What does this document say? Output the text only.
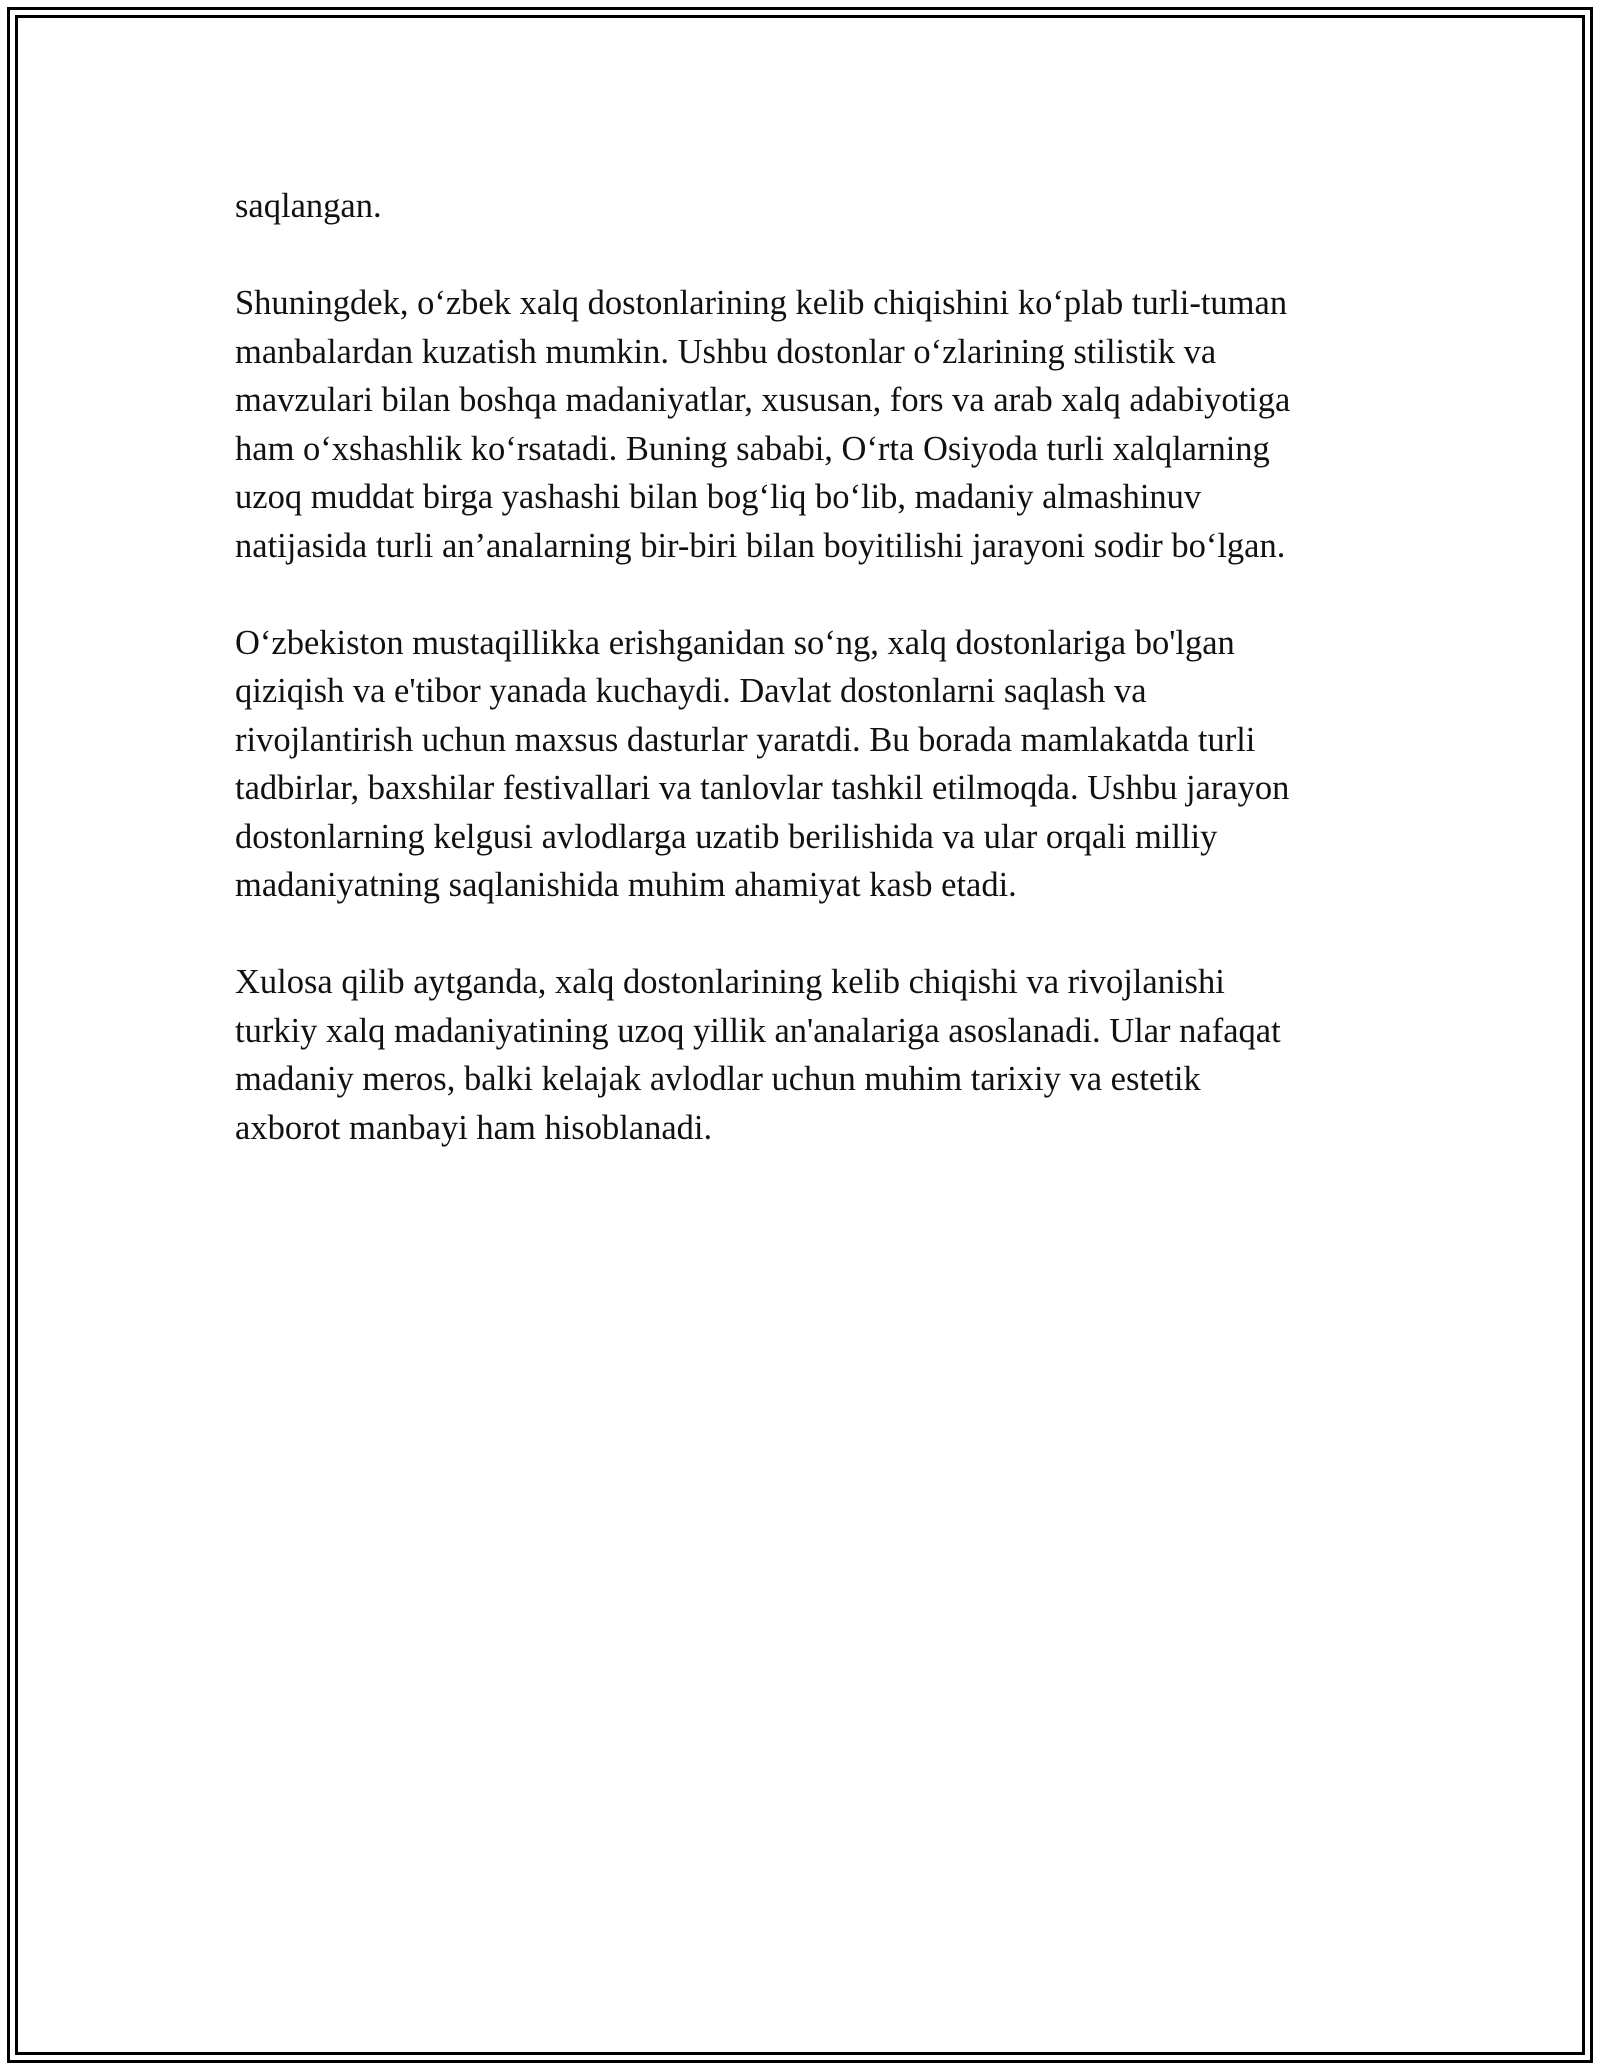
saqlangan.

Shuningdek, o‘zbek xalq dostonlarining kelib chiqishini ko‘plab turli-tuman
manbalardan kuzatish mumkin. Ushbu dostonlar o‘zlarining stilistik va
mavzulari bilan boshqa madaniyatlar, xususan, fors va arab xalq adabiyotiga
ham o‘xshashlik ko‘rsatadi. Buning sababi, O‘rta Osiyoda turli xalqlarning
uzoq muddat birga yashashi bilan bog‘liq bo‘lib, madaniy almashinuv
natijasida turli an’analarning bir-biri bilan boyitilishi jarayoni sodir bo‘lgan.

O‘zbekiston mustaqillikka erishganidan so‘ng, xalq dostonlariga bo'lgan
qiziqish va e'tibor yanada kuchaydi. Davlat dostonlarni saqlash va
rivojlantirish uchun maxsus dasturlar yaratdi. Bu borada mamlakatda turli
tadbirlar, baxshilar festivallari va tanlovlar tashkil etilmoqda. Ushbu jarayon
dostonlarning kelgusi avlodlarga uzatib berilishida va ular orqali milliy
madaniyatning saqlanishida muhim ahamiyat kasb etadi.

Xulosa qilib aytganda, xalq dostonlarining kelib chiqishi va rivojlanishi
turkiy xalq madaniyatining uzoq yillik an'analariga asoslanadi. Ular nafaqat
madaniy meros, balki kelajak avlodlar uchun muhim tarixiy va estetik
axborot manbayi ham hisoblanadi.
